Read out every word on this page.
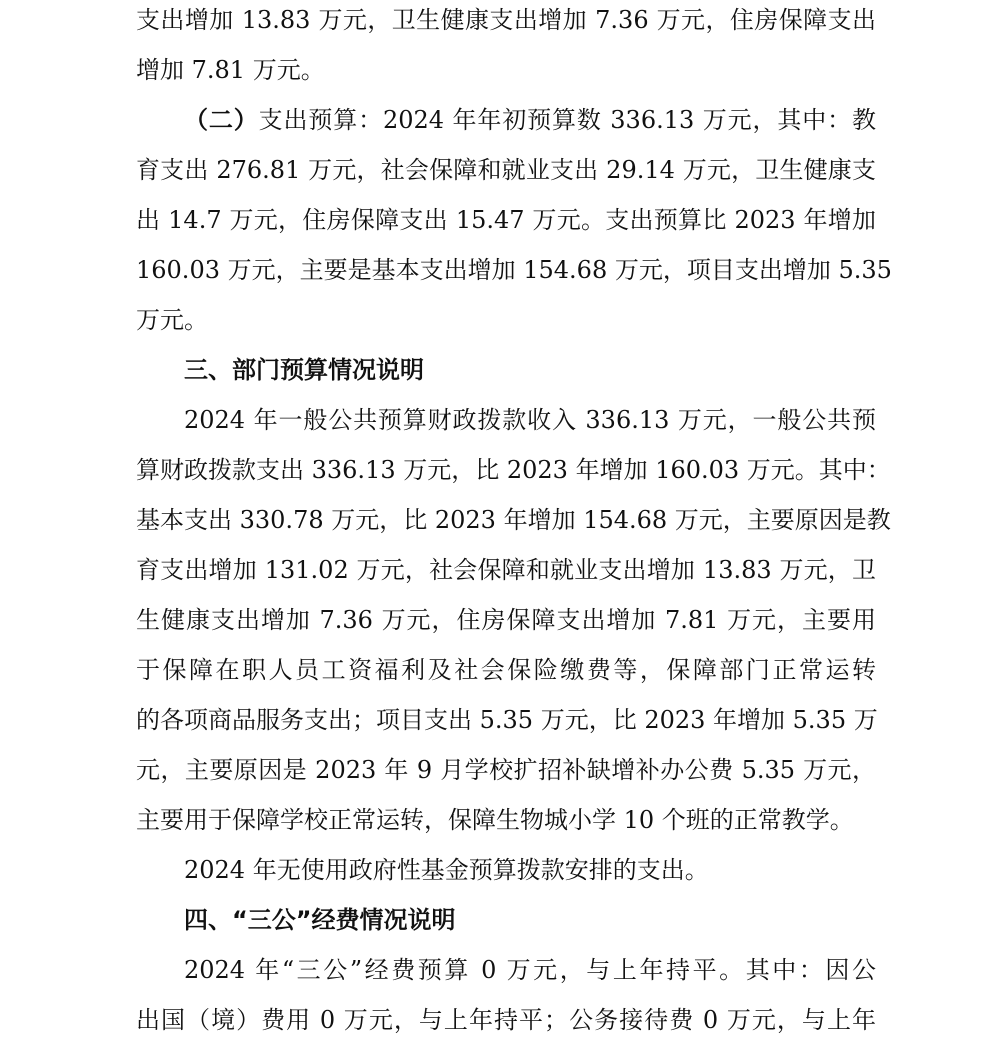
支出增加 13.83 万元，卫生健康支出增加 7.36 万元，住房保障支出
增加 7.81 万元。
（二）支出预算：2024 年年初预算数 336.13 万元，其中：教
育支出 276.81 万元，社会保障和就业支出 29.14 万元，卫生健康支
出 14.7 万元，住房保障支出 15.47 万元。支出预算比 2023 年增加
160.03 万元，主要是基本支出增加 154.68 万元，项目支出增加 5.35
万元。
三、部门预算情况说明
2024 年一般公共预算财政拨款收入 336.13 万元，一般公共预
算财政拨款支出 336.13 万元，比 2023 年增加 160.03 万元。其中：
基本支出 330.78 万元，比 2023 年增加 154.68 万元，主要原因是教
育支出增加 131.02 万元，社会保障和就业支出增加 13.83 万元，卫
生健康支出增加 7.36 万元，住房保障支出增加 7.81 万元，主要用
于保障在职人员工资福利及社会保险缴费等，保障部门正常运转
的各项商品服务支出；项目支出 5.35 万元，比 2023 年增加 5.35 万
元，主要原因是 2023 年 9 月学校扩招补缺增补办公费 5.35 万元，
主要用于保障学校正常运转，保障生物城小学 10 个班的正常教学。
2024 年无使用政府性基金预算拨款安排的支出。
四、“三公”经费情况说明
2024 年“三公”经费预算 0 万元，与上年持平。其中：因公
出国（境）费用 0 万元，与上年持平；公务接待费 0 万元，与上年
